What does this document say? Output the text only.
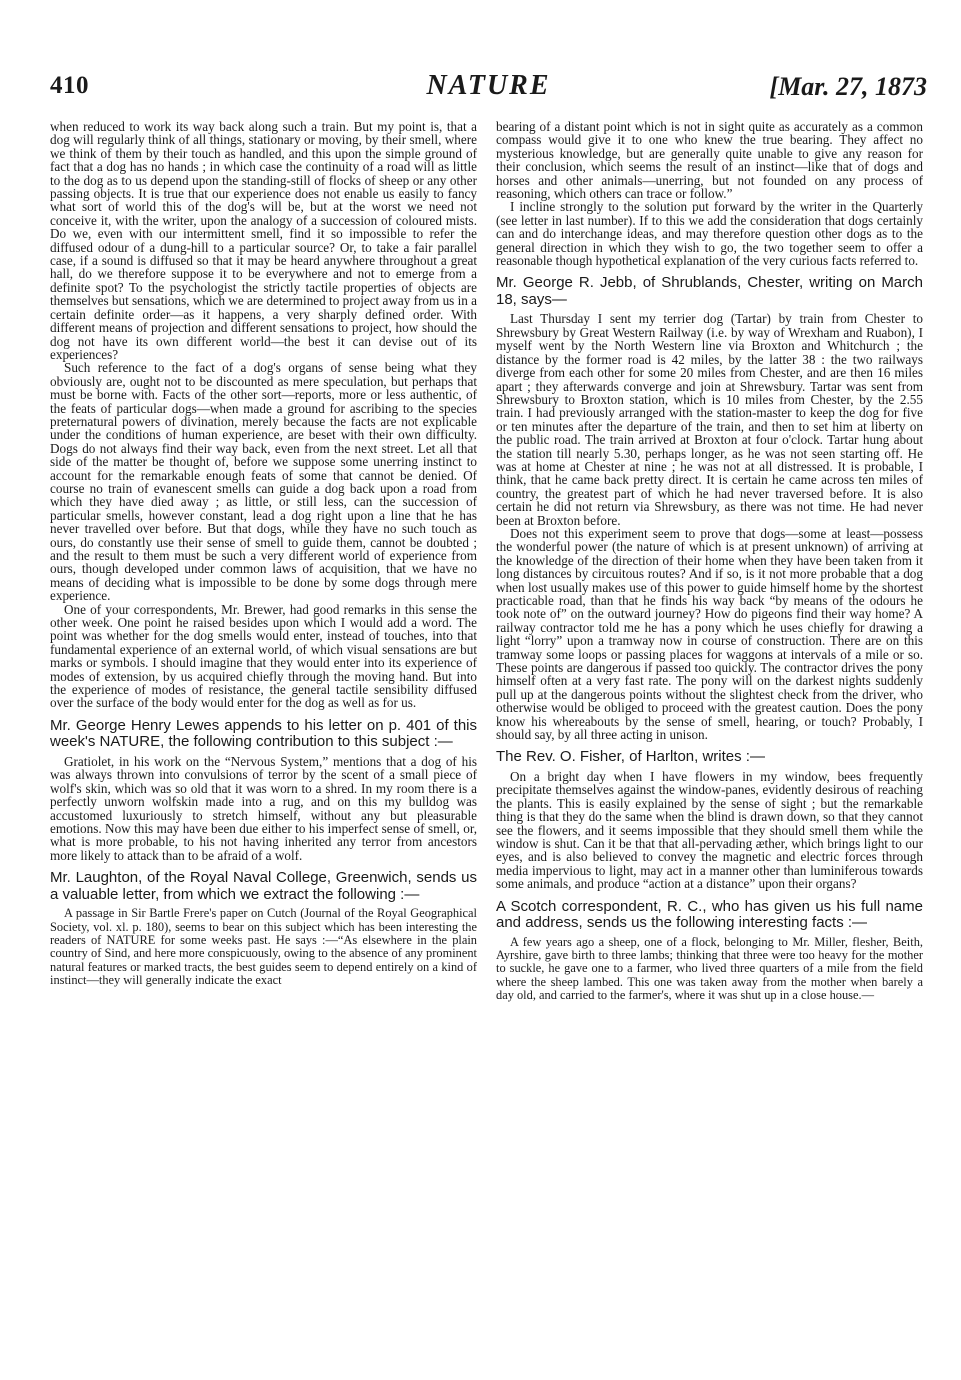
410	NATURE	[Mar. 27, 1873

when reduced to work its way back along such a train. But my point is, that a dog will regularly think of all things, stationary or moving, by their smell, where we think of them by their touch as handled, and this upon the simple ground of fact that a dog has no hands ; in which case the continuity of a road will as little to the dog as to us depend upon the standing-still of flocks of sheep or any other passing objects. It is true that our experience does not enable us easily to fancy what sort of world this of the dog's will be, but at the worst we need not conceive it, with the writer, upon the analogy of a succession of coloured mists. Do we, even with our intermittent smell, find it so impossible to refer the diffused odour of a dung-hill to a particular source? Or, to take a fair parallel case, if a sound is diffused so that it may be heard anywhere throughout a great hall, do we therefore suppose it to be everywhere and not to emerge from a definite spot? To the psychologist the strictly tactile properties of objects are themselves but sensations, which we are determined to project away from us in a certain definite order—as it happens, a very sharply defined order. With different means of projection and different sensations to project, how should the dog not have its own different world—the best it can devise out of its experiences?

Such reference to the fact of a dog's organs of sense being what they obviously are, ought not to be discounted as mere speculation, but perhaps that must be borne with. Facts of the other sort—reports, more or less authentic, of the feats of particular dogs—when made a ground for ascribing to the species preternatural powers of divination, merely because the facts are not explicable under the conditions of human experience, are beset with their own difficulty. Dogs do not always find their way back, even from the next street. Let all that side of the matter be thought of, before we suppose some unerring instinct to account for the remarkable enough feats of some that cannot be denied. Of course no train of evanescent smells can guide a dog back upon a road from which they have died away ; as little, or still less, can the succession of particular smells, however constant, lead a dog right upon a line that he has never travelled over before. But that dogs, while they have no such touch as ours, do constantly use their sense of smell to guide them, cannot be doubted ; and the result to them must be such a very different world of experience from ours, though developed under common laws of acquisition, that we have no means of deciding what is impossible to be done by some dogs through mere experience.

One of your correspondents, Mr. Brewer, had good remarks in this sense the other week. One point he raised besides upon which I would add a word. The point was whether for the dog smells would enter, instead of touches, into that fundamental experience of an external world, of which visual sensations are but marks or symbols. I should imagine that they would enter into its experience of modes of extension, by us acquired chiefly through the moving hand. But into the experience of modes of resistance, the general tactile sensibility diffused over the surface of the body would enter for the dog as well as for us.

Mr. George Henry Lewes appends to his letter on p. 401 of this week's NATURE, the following contribution to this subject :—

Gratiolet, in his work on the “Nervous System,” mentions that a dog of his was always thrown into convulsions of terror by the scent of a small piece of wolf's skin, which was so old that it was worn to a shred. In my room there is a perfectly unworn wolfskin made into a rug, and on this my bulldog was accustomed luxuriously to stretch himself, without any but pleasurable emotions. Now this may have been due either to his imperfect sense of smell, or, what is more probable, to his not having inherited any terror from ancestors more likely to attack than to be afraid of a wolf.

Mr. Laughton, of the Royal Naval College, Greenwich, sends us a valuable letter, from which we extract the following :—

A passage in Sir Bartle Frere's paper on Cutch (Journal of the Royal Geographical Society, vol. xl. p. 180), seems to bear on this subject which has been interesting the readers of NATURE for some weeks past. He says :—“As elsewhere in the plain country of Sind, and here more conspicuously, owing to the absence of any prominent natural features or marked tracts, the best guides seem to depend entirely on a kind of instinct—they will generally indicate the exact

bearing of a distant point which is not in sight quite as accurately as a common compass would give it to one who knew the true bearing. They affect no mysterious knowledge, but are generally quite unable to give any reason for their conclusion, which seems the result of an instinct—like that of dogs and horses and other animals—unerring, but not founded on any process of reasoning, which others can trace or follow.”

I incline strongly to the solution put forward by the writer in the Quarterly (see letter in last number). If to this we add the consideration that dogs certainly can and do interchange ideas, and may therefore question other dogs as to the general direction in which they wish to go, the two together seem to offer a reasonable though hypothetical explanation of the very curious facts referred to.

Mr. George R. Jebb, of Shrublands, Chester, writing on March 18, says—

Last Thursday I sent my terrier dog (Tartar) by train from Chester to Shrewsbury by Great Western Railway (i.e. by way of Wrexham and Ruabon), I myself went by the North Western line via Broxton and Whitchurch ; the distance by the former road is 42 miles, by the latter 38 : the two railways diverge from each other for some 20 miles from Chester, and are then 16 miles apart ; they afterwards converge and join at Shrewsbury. Tartar was sent from Shrewsbury to Broxton station, which is 10 miles from Chester, by the 2.55 train. I had previously arranged with the station-master to keep the dog for five or ten minutes after the departure of the train, and then to set him at liberty on the public road. The train arrived at Broxton at four o'clock. Tartar hung about the station till nearly 5.30, perhaps longer, as he was not seen starting off. He was at home at Chester at nine ; he was not at all distressed. It is probable, I think, that he came back pretty direct. It is certain he came across ten miles of country, the greatest part of which he had never traversed before. It is also certain he did not return via Shrewsbury, as there was not time. He had never been at Broxton before.

Does not this experiment seem to prove that dogs—some at least—possess the wonderful power (the nature of which is at present unknown) of arriving at the knowledge of the direction of their home when they have been taken from it long distances by circuitous routes? And if so, is it not more probable that a dog when lost usually makes use of this power to guide himself home by the shortest practicable road, than that he finds his way back “by means of the odours he took note of” on the outward journey? How do pigeons find their way home? A railway contractor told me he has a pony which he uses chiefly for drawing a light “lorry” upon a tramway now in course of construction. There are on this tramway some loops or passing places for waggons at intervals of a mile or so. These points are dangerous if passed too quickly. The contractor drives the pony himself often at a very fast rate. The pony will on the darkest nights suddenly pull up at the dangerous points without the slightest check from the driver, who otherwise would be obliged to proceed with the greatest caution. Does the pony know his whereabouts by the sense of smell, hearing, or touch? Probably, I should say, by all three acting in unison.

The Rev. O. Fisher, of Harlton, writes :—

On a bright day when I have flowers in my window, bees frequently precipitate themselves against the window-panes, evidently desirous of reaching the plants. This is easily explained by the sense of sight ; but the remarkable thing is that they do the same when the blind is drawn down, so that they cannot see the flowers, and it seems impossible that they should smell them while the window is shut. Can it be that that all-pervading æther, which brings light to our eyes, and is also believed to convey the magnetic and electric forces through media impervious to light, may act in a manner other than luminiferous towards some animals, and produce “action at a distance” upon their organs?

A Scotch correspondent, R. C., who has given us his full name and address, sends us the following interesting facts :—

A few years ago a sheep, one of a flock, belonging to Mr. Miller, flesher, Beith, Ayrshire, gave birth to three lambs; thinking that three were too heavy for the mother to suckle, he gave one to a farmer, who lived three quarters of a mile from the field where the sheep lambed. This one was taken away from the mother when barely a day old, and carried to the farmer's, where it was shut up in a close house.—
